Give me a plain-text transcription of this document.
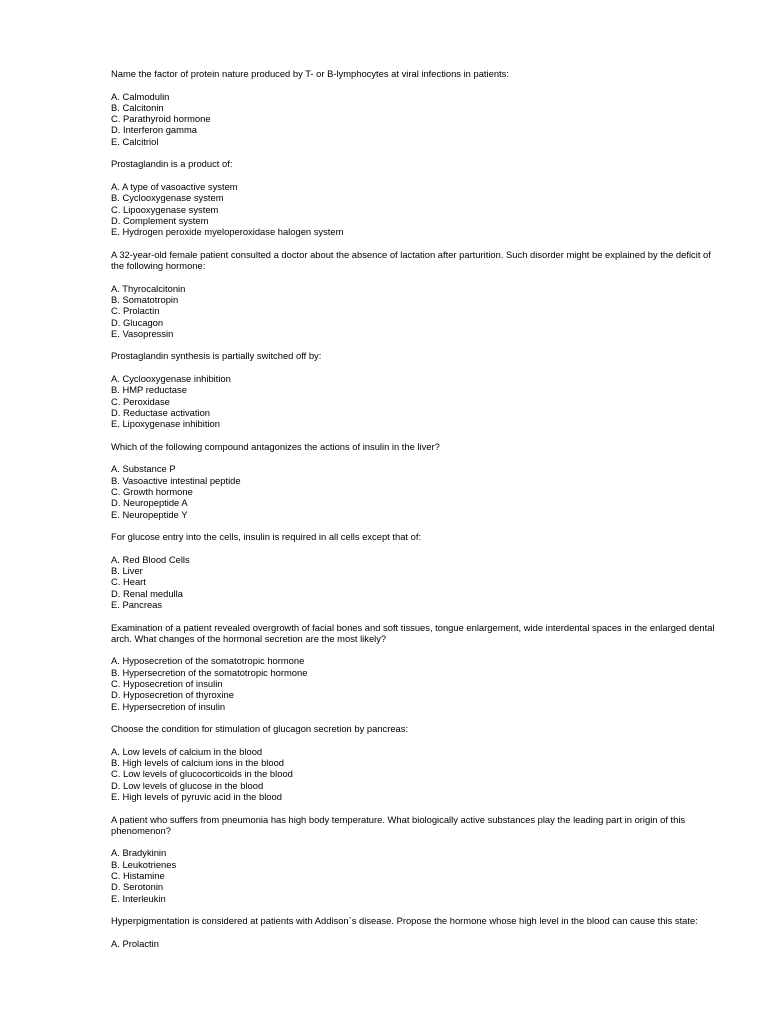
Name the factor of protein nature produced by T- or B-lymphocytes at viral infections in patients:

A. Calmodulin
B. Calcitonin
C. Parathyroid hormone
D. Interferon gamma
E. Calcitriol

Prostaglandin is a product of:

A. A type of vasoactive system
B. Cyclooxygenase system
C. Lipooxygenase system
D. Complement system
E. Hydrogen peroxide myeloperoxidase halogen system

A 32-year-old female patient consulted a doctor about the absence of lactation after parturition. Such disorder might be explained by the deficit of the following hormone:

A. Thyrocalcitonin
B. Somatotropin
C. Prolactin
D. Glucagon
E. Vasopressin

Prostaglandin synthesis is partially switched off by:

A. Cyclooxygenase inhibition
B. HMP reductase
C. Peroxidase
D. Reductase activation
E. Lipoxygenase inhibition

Which of the following compound antagonizes the actions of insulin in the liver?

A. Substance P
B. Vasoactive intestinal peptide
C. Growth hormone
D. Neuropeptide A
E. Neuropeptide Y

For glucose entry into the cells, insulin is required in all cells except that of:

A. Red Blood Cells
B. Liver
C. Heart
D. Renal medulla
E. Pancreas

Examination of a patient revealed overgrowth of facial bones and soft tissues, tongue enlargement, wide interdental spaces in the enlarged dental arch. What changes of the hormonal secretion are the most likely?

A. Hyposecretion of the somatotropic hormone
B. Hypersecretion of the somatotropic hormone
C. Hyposecretion of insulin
D. Hyposecretion of thyroxine
E. Hypersecretion of insulin

Choose the condition for stimulation of glucagon secretion by pancreas:

A. Low levels of calcium in the blood
B. High levels of calcium ions in the blood
C. Low levels of glucocorticoids in the blood
D. Low levels of glucose in the blood
E. High levels of pyruvic acid in the blood

A patient who suffers from pneumonia has high body temperature. What biologically active substances play the leading part in origin of this phenomenon?

A. Bradykinin
B. Leukotrienes
C. Histamine
D. Serotonin
E. Interleukin

Hyperpigmentation is considered at patients with Addison`s disease. Propose the hormone whose high level in the blood can cause this state:

A. Prolactin
